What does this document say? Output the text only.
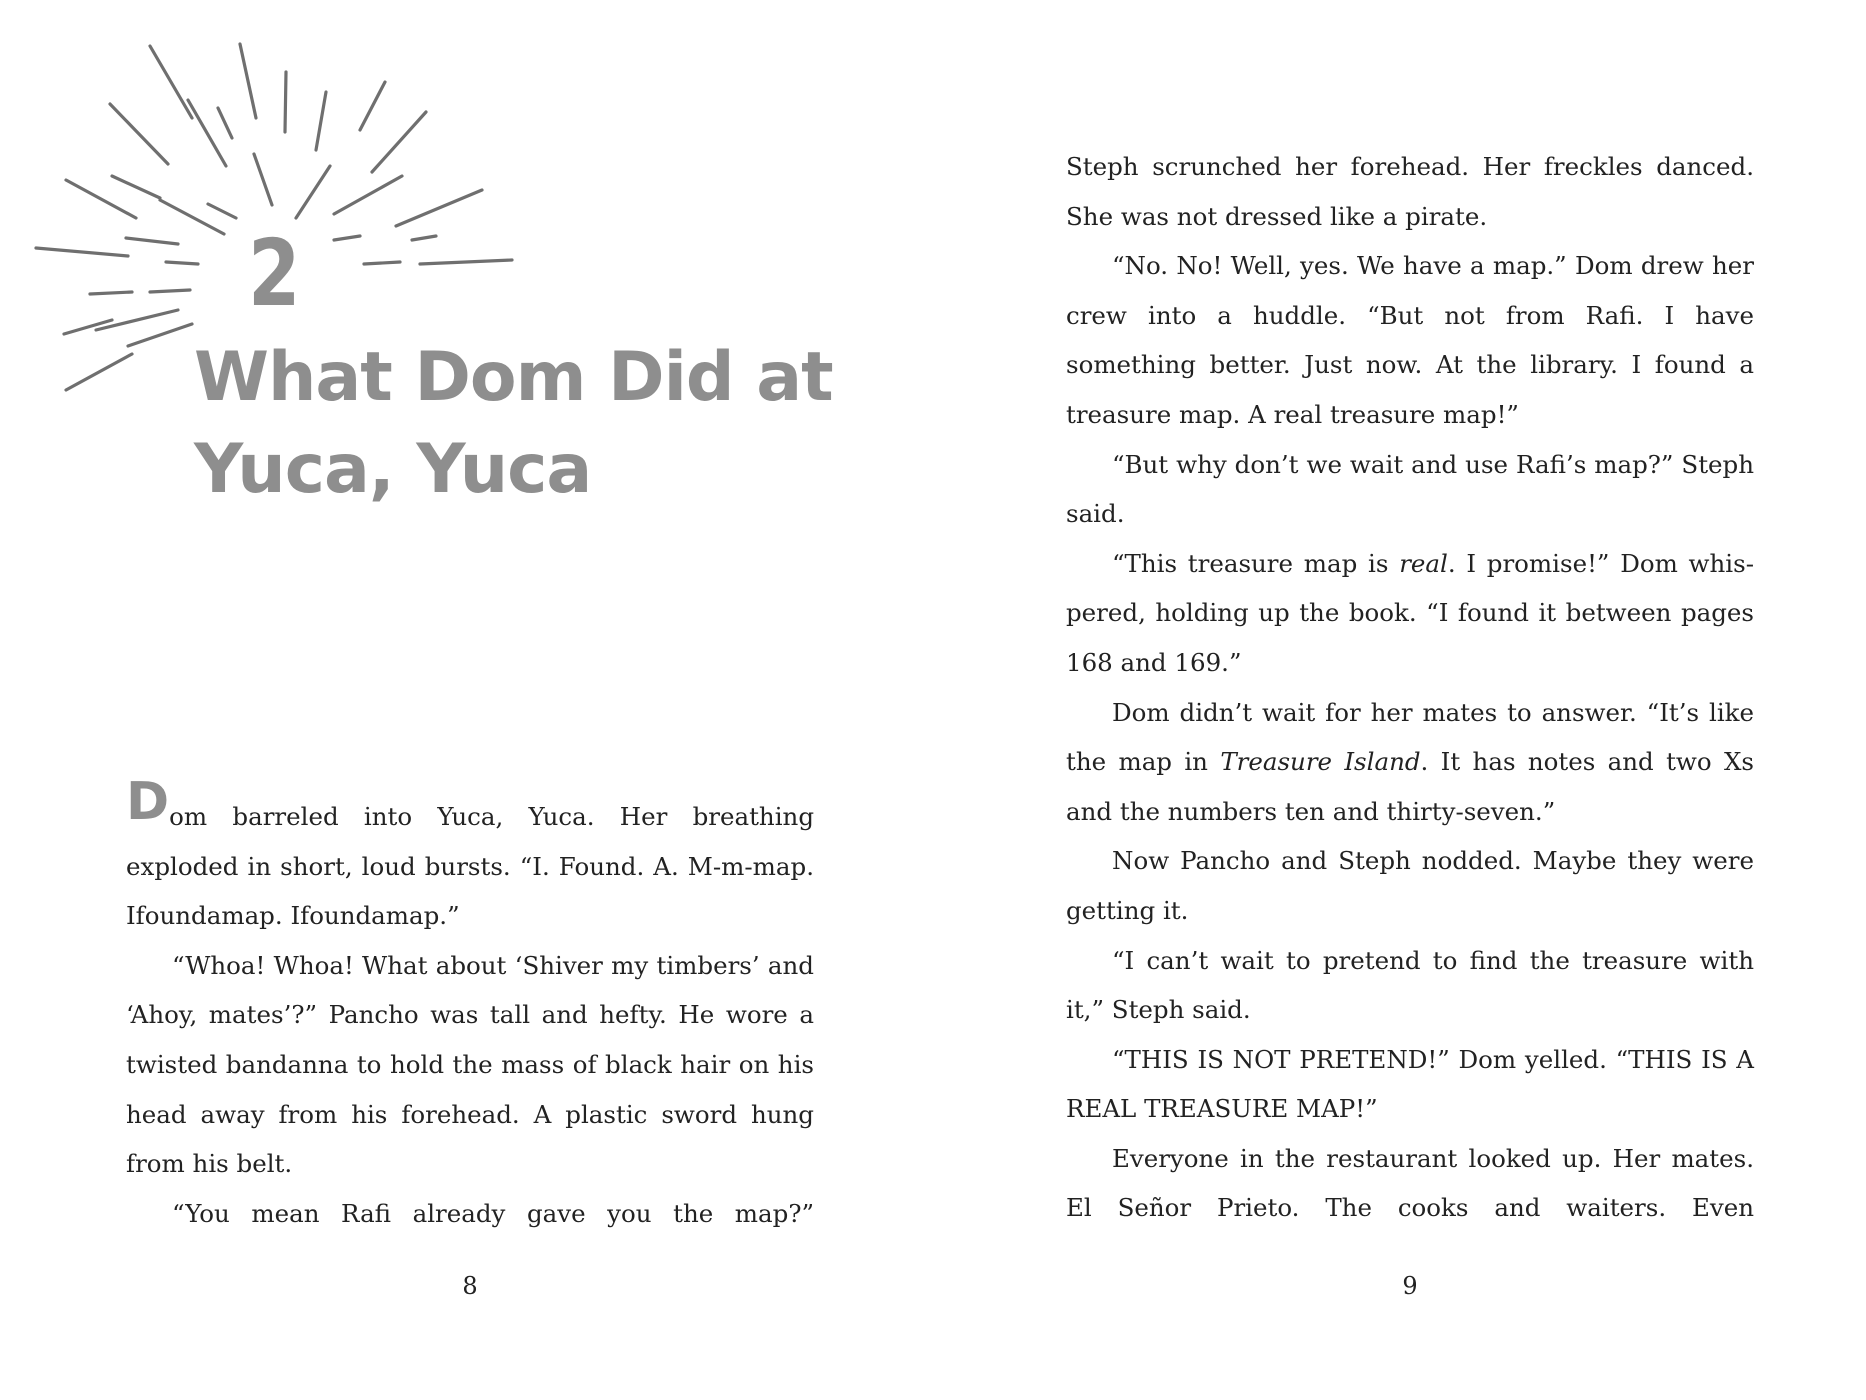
2
What Dom Did at
Yuca, Yuca

Dom barreled into Yuca, Yuca. Her breathing exploded in short, loud bursts. “I. Found. A. M-m-map. Ifoundamap. Ifoundamap.”

“Whoa! Whoa! What about ‘Shiver my timbers’ and ‘Ahoy, mates’?” Pancho was tall and hefty. He wore a twisted bandanna to hold the mass of black hair on his head away from his forehead. A plastic sword hung from his belt.

“You mean Rafi already gave you the map?”

8

Steph scrunched her forehead. Her freckles danced. She was not dressed like a pirate.

“No. No! Well, yes. We have a map.” Dom drew her crew into a huddle. “But not from Rafi. I have something better. Just now. At the library. I found a treasure map. A real treasure map!”

“But why don’t we wait and use Rafi’s map?” Steph said.

“This treasure map is real. I promise!” Dom whispered, holding up the book. “I found it between pages 168 and 169.”

Dom didn’t wait for her mates to answer. “It’s like the map in Treasure Island. It has notes and two Xs and the numbers ten and thirty-seven.”

Now Pancho and Steph nodded. Maybe they were getting it.

“I can’t wait to pretend to find the treasure with it,” Steph said.

“THIS IS NOT PRETEND!” Dom yelled. “THIS IS A REAL TREASURE MAP!”

Everyone in the restaurant looked up. Her mates. El Señor Prieto. The cooks and waiters. Even

9
